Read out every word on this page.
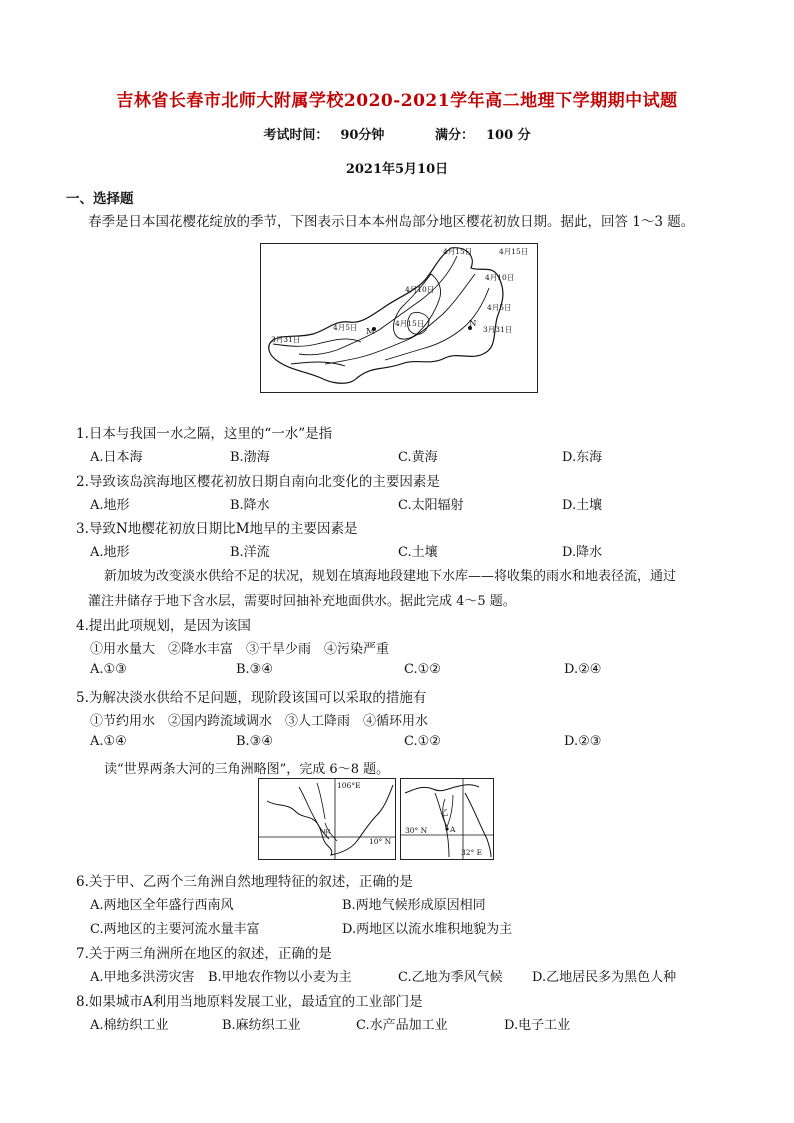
吉林省长春市北师大附属学校2020-2021学年高二地理下学期期中试题
考试时间： 90分钟	满分： 100 分
2021年5月10日
一、选择题
春季是日本国花樱花绽放的季节，下图表示日本本州岛部分地区樱花初放日期。据此，回答 1～3 题。
4月15日	4月15日
4月10日
4月10日
4月5日
4月15日
4月5日	3月31日
3月31日
M
N
1.日本与我国一水之隔，这里的“一水”是指
A.日本海	B.渤海	C.黄海	D.东海
2.导致该岛滨海地区樱花初放日期自南向北变化的主要因素是
A.地形	B.降水	C.太阳辐射	D.土壤
3.导致N地樱花初放日期比M地早的主要因素是
A.地形	B.洋流	C.土壤	D.降水
新加坡为改变淡水供给不足的状况，规划在填海地段建地下水库——将收集的雨水和地表径流，通过
灌注井储存于地下含水层，需要时回抽补充地面供水。据此完成 4～5 题。
4.提出此项规划，是因为该国
①用水量大　②降水丰富　③干旱少雨　④污染严重
A.①③	B.③④	C.①②	D.②④
5.为解决淡水供给不足问题，现阶段该国可以采取的措施有
①节约用水　②国内跨流域调水　③人工降雨　④循环用水
A.①④	B.③④	C.①②	D.②③
读“世界两条大河的三角洲略图”，完成 6～8 题。
106°E
10° N
甲	30° N
32° E
A
乙
6.关于甲、乙两个三角洲自然地理特征的叙述，正确的是
A.两地区全年盛行西南风	B.两地气候形成原因相同
C.两地区的主要河流水量丰富	D.两地区以流水堆积地貌为主
7.关于两三角洲所在地区的叙述，正确的是
A.甲地多洪涝灾害 B.甲地农作物以小麦为主	C.乙地为季风气候 D.乙地居民多为黑色人种
8.如果城市A利用当地原料发展工业，最适宜的工业部门是
A.棉纺织工业	B.麻纺织工业	C.水产品加工业	D.电子工业
